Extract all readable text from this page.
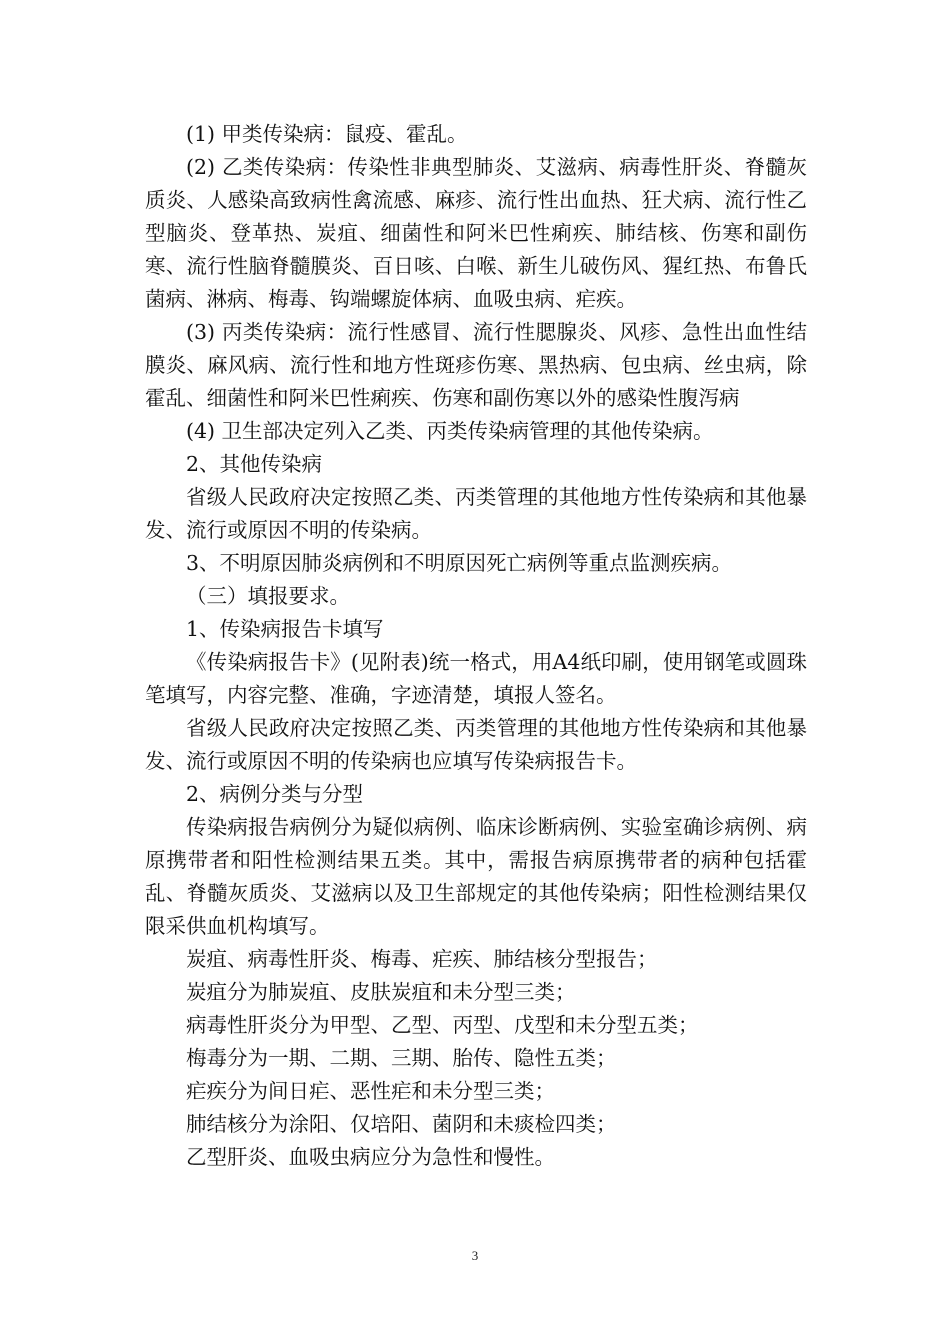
(1) 甲类传染病：鼠疫、霍乱。

(2) 乙类传染病：传染性非典型肺炎、艾滋病、病毒性肝炎、脊髓灰质炎、人感染高致病性禽流感、麻疹、流行性出血热、狂犬病、流行性乙型脑炎、登革热、炭疽、细菌性和阿米巴性痢疾、肺结核、伤寒和副伤寒、流行性脑脊髓膜炎、百日咳、白喉、新生儿破伤风、猩红热、布鲁氏菌病、淋病、梅毒、钩端螺旋体病、血吸虫病、疟疾。

(3) 丙类传染病：流行性感冒、流行性腮腺炎、风疹、急性出血性结膜炎、麻风病、流行性和地方性斑疹伤寒、黑热病、包虫病、丝虫病，除霍乱、细菌性和阿米巴性痢疾、伤寒和副伤寒以外的感染性腹泻病

(4) 卫生部决定列入乙类、丙类传染病管理的其他传染病。

2、其他传染病

省级人民政府决定按照乙类、丙类管理的其他地方性传染病和其他暴发、流行或原因不明的传染病。

3、不明原因肺炎病例和不明原因死亡病例等重点监测疾病。

（三）填报要求。

1、传染病报告卡填写

《传染病报告卡》(见附表)统一格式，用A4纸印刷，使用钢笔或圆珠笔填写，内容完整、准确，字迹清楚，填报人签名。

省级人民政府决定按照乙类、丙类管理的其他地方性传染病和其他暴发、流行或原因不明的传染病也应填写传染病报告卡。

2、病例分类与分型

传染病报告病例分为疑似病例、临床诊断病例、实验室确诊病例、病原携带者和阳性检测结果五类。其中，需报告病原携带者的病种包括霍乱、脊髓灰质炎、艾滋病以及卫生部规定的其他传染病；阳性检测结果仅限采供血机构填写。

炭疽、病毒性肝炎、梅毒、疟疾、肺结核分型报告；

炭疽分为肺炭疽、皮肤炭疽和未分型三类；

病毒性肝炎分为甲型、乙型、丙型、戊型和未分型五类；

梅毒分为一期、二期、三期、胎传、隐性五类；

疟疾分为间日疟、恶性疟和未分型三类；

肺结核分为涂阳、仅培阳、菌阴和未痰检四类；

乙型肝炎、血吸虫病应分为急性和慢性。

3
